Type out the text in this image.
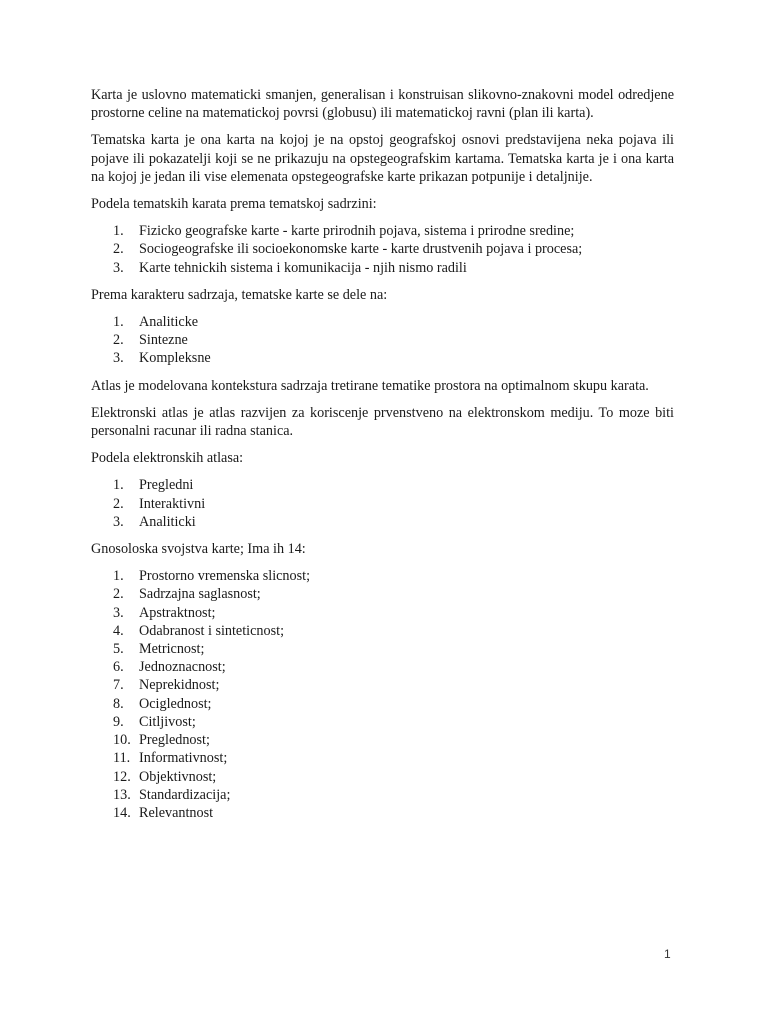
Karta je uslovno matematicki smanjen, generalisan i konstruisan slikovno-znakovni model odredjene prostorne celine na matematickoj povrsi (globusu) ili matematickoj ravni (plan ili karta).

Tematska karta je ona karta na kojoj je na opstoj geografskoj osnovi predstavijena neka pojava ili pojave ili pokazatelji koji se ne prikazuju na opstegeografskim kartama. Tematska karta je i ona karta na kojoj je jedan ili vise elemenata opstegeografske karte prikazan potpunije i detaljnije.

Podela tematskih karata prema tematskoj sadrzini:

1. Fizicko geografske karte - karte prirodnih pojava, sistema i prirodne sredine;
2. Sociogeografske ili socioekonomske karte - karte drustvenih pojava i procesa;
3. Karte tehnickih sistema i komunikacija - njih nismo radili

Prema karakteru sadrzaja, tematske karte se dele na:

1. Analiticke
2. Sintezne
3. Kompleksne

Atlas je modelovana kontekstura sadrzaja tretirane tematike prostora na optimalnom skupu karata.

Elektronski atlas je atlas razvijen za koriscenje prvenstveno na elektronskom mediju. To moze biti personalni racunar ili radna stanica.

Podela elektronskih atlasa:

1. Pregledni
2. Interaktivni
3. Analiticki

Gnosoloska svojstva karte; Ima ih 14:

1. Prostorno vremenska slicnost;
2. Sadrzajna saglasnost;
3. Apstraktnost;
4. Odabranost i sinteticnost;
5. Metricnost;
6. Jednoznacnost;
7. Neprekidnost;
8. Ociglednost;
9. Citljivost;
10. Preglednost;
11. Informativnost;
12. Objektivnost;
13. Standardizacija;
14. Relevantnost
1
